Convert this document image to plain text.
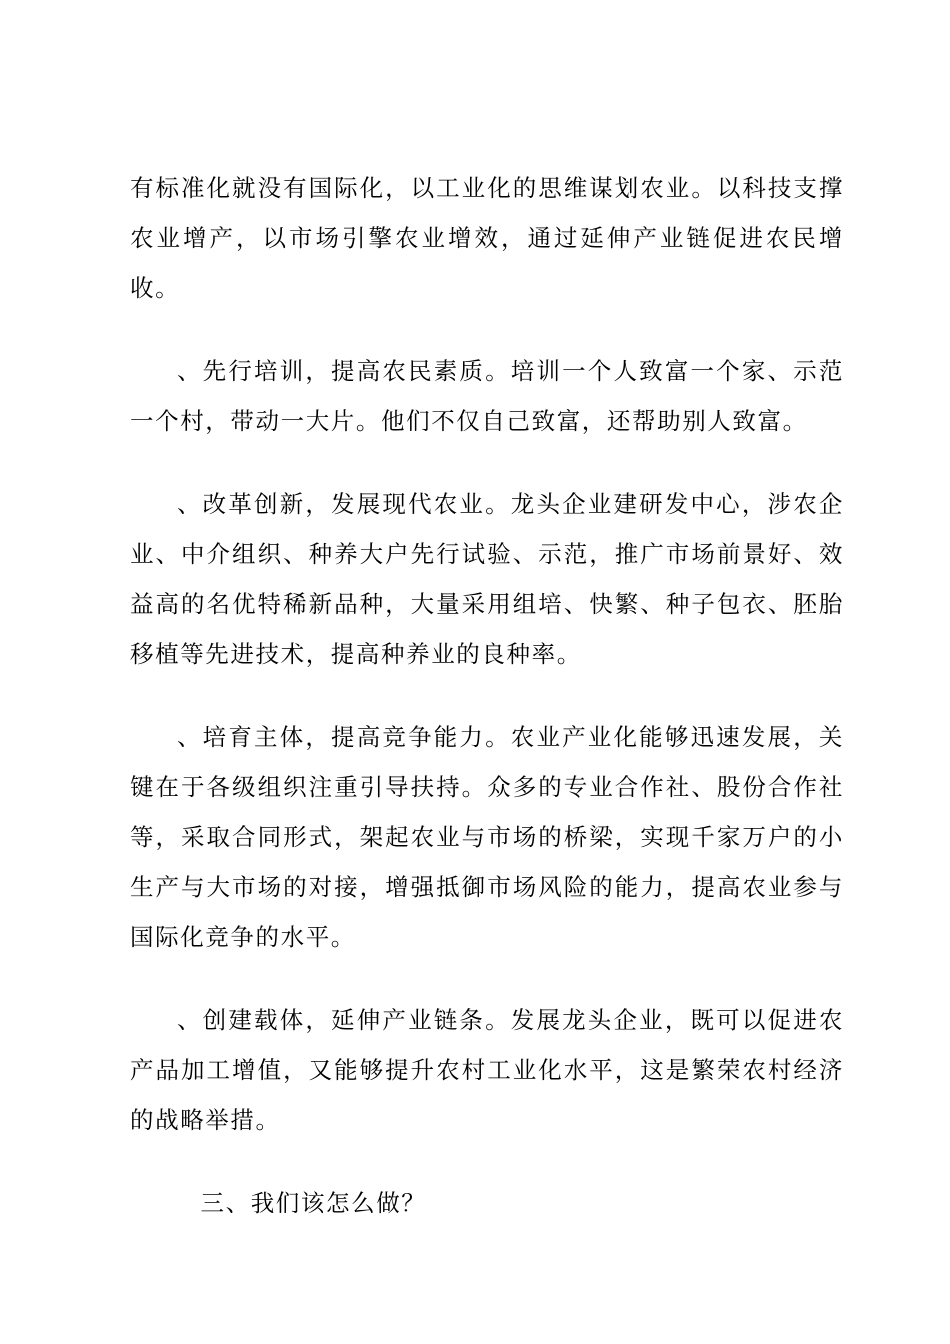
有标准化就没有国际化，以工业化的思维谋划农业。以科技支撑农业增产，以市场引擎农业增效，通过延伸产业链促进农民增收。

、先行培训，提高农民素质。培训一个人致富一个家、示范一个村，带动一大片。他们不仅自己致富，还帮助别人致富。

、改革创新，发展现代农业。龙头企业建研发中心，涉农企业、中介组织、种养大户先行试验、示范，推广市场前景好、效益高的名优特稀新品种，大量采用组培、快繁、种子包衣、胚胎移植等先进技术，提高种养业的良种率。

、培育主体，提高竞争能力。农业产业化能够迅速发展，关键在于各级组织注重引导扶持。众多的专业合作社、股份合作社等，采取合同形式，架起农业与市场的桥梁，实现千家万户的小生产与大市场的对接，增强抵御市场风险的能力，提高农业参与国际化竞争的水平。

、创建载体，延伸产业链条。发展龙头企业，既可以促进农产品加工增值，又能够提升农村工业化水平，这是繁荣农村经济的战略举措。

三、我们该怎么做？
